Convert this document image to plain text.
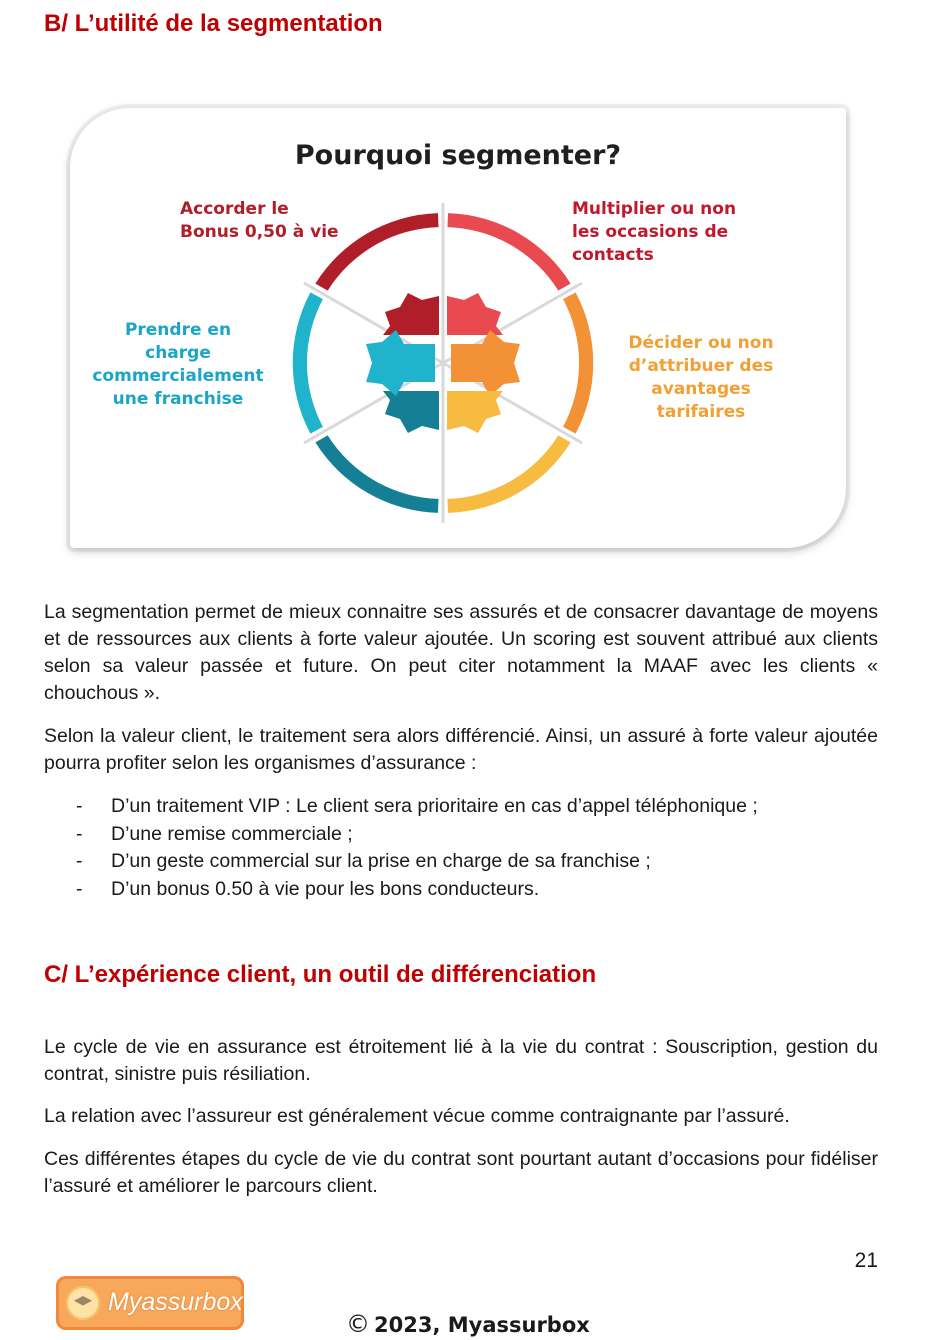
B/ L’utilité de la segmentation
Pourquoi segmenter?
Accorder le
Bonus 0,50 à vie
Multiplier ou non
les occasions de
contacts
Prendre en
charge
commercialement
une franchise
Décider ou non
d’attribuer des
avantages tarifaires

La segmentation permet de mieux connaitre ses assurés et de consacrer davantage de moyens et de ressources aux clients à forte valeur ajoutée. Un scoring est souvent attribué aux clients selon sa valeur passée et future. On peut citer notamment la MAAF avec les clients « chouchous ».

Selon la valeur client, le traitement sera alors différencié. Ainsi, un assuré à forte valeur ajoutée pourra profiter selon les organismes d’assurance :

- D’un traitement VIP : Le client sera prioritaire en cas d’appel téléphonique ;
- D’une remise commerciale ;
- D’un geste commercial sur la prise en charge de sa franchise ;
- D’un bonus 0.50 à vie pour les bons conducteurs.
C/ L’expérience client, un outil de différenciation

Le cycle de vie en assurance est étroitement lié à la vie du contrat : Souscription, gestion du contrat, sinistre puis résiliation.

La relation avec l’assureur est généralement vécue comme contraignante par l’assuré.

Ces différentes étapes du cycle de vie du contrat sont pourtant autant d’occasions pour fidéliser l’assuré et améliorer le parcours client.

21
Myassurbox
© 2023, Myassurbox
